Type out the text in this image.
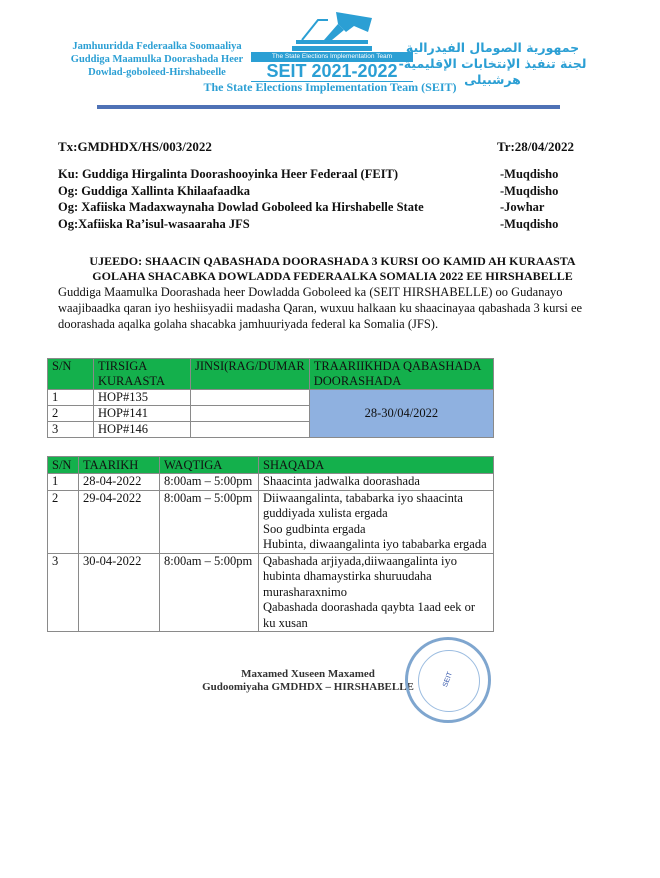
Jamhuuridda Federaalka Soomaaliya
Guddiga Maamulka Doorashada Heer
Dowlad-goboleed-Hirshabeelle
The State Elections Implementation Team
SEIT 2021-2022
جمهورية الصومال الفيدرالية
لجنة تنفيذ الإنتخابات الإقليمية- هرشبيلى
The State Elections Implementation Team (SEIT)
Tx:GMDHDX/HS/003/2022	Tr:28/04/2022
Ku: Guddiga Hirgalinta Doorashooyinka Heer Federaal (FEIT)	-Muqdisho
Og: Guddiga Xallinta Khilaafaadka	-Muqdisho
Og: Xafiiska Madaxwaynaha Dowlad Goboleed ka Hirshabelle State	-Jowhar
Og:Xafiiska Ra’isul-wasaaraha JFS	-Muqdisho
UJEEDO: SHAACIN QABASHADA DOORASHADA 3 KURSI OO KAMID AH KURAASTA
GOLAHA SHACABKA DOWLADDA FEDERAALKA SOMALIA 2022 EE HIRSHABELLE
Guddiga Maamulka Doorashada heer Dowladda Goboleed ka (SEIT HIRSHABELLE) oo Gudanayo waajibaadka qaran iyo heshiisyadii madasha Qaran, wuxuu halkaan ku shaacinayaa qabashada 3 kursi ee doorashada aqalka golaha shacabka jamhuuriyada federal ka Somalia (JFS).
S/N	TIRSIGA KURAASTA	JINSI(RAG/DUMAR	TRAARIIKHDA QABASHADA DOORASHADA
1	HOP#135		28-30/04/2022
2	HOP#141		
3	HOP#146		
S/N	TAARIKH	WAQTIGA	SHAQADA
1	28-04-2022	8:00am – 5:00pm	Shaacinta jadwalka doorashada

2	29-04-2022	8:00am – 5:00pm	Diiwaangalinta, tababarka iyo shaacinta guddiyada xulista ergada
Soo gudbinta ergada
Hubinta, diwaangalinta iyo tababarka ergada

3	30-04-2022	8:00am – 5:00pm	Qabashada arjiyada,diiwaangalinta iyo hubinta dhamaystirka shuruudaha murasharaxnimo
Qabashada doorashada qaybta 1aad eek or ku xusan
Maxamed Xuseen Maxamed
Gudoomiyaha GMDHDX – HIRSHABELLE	SEIT
